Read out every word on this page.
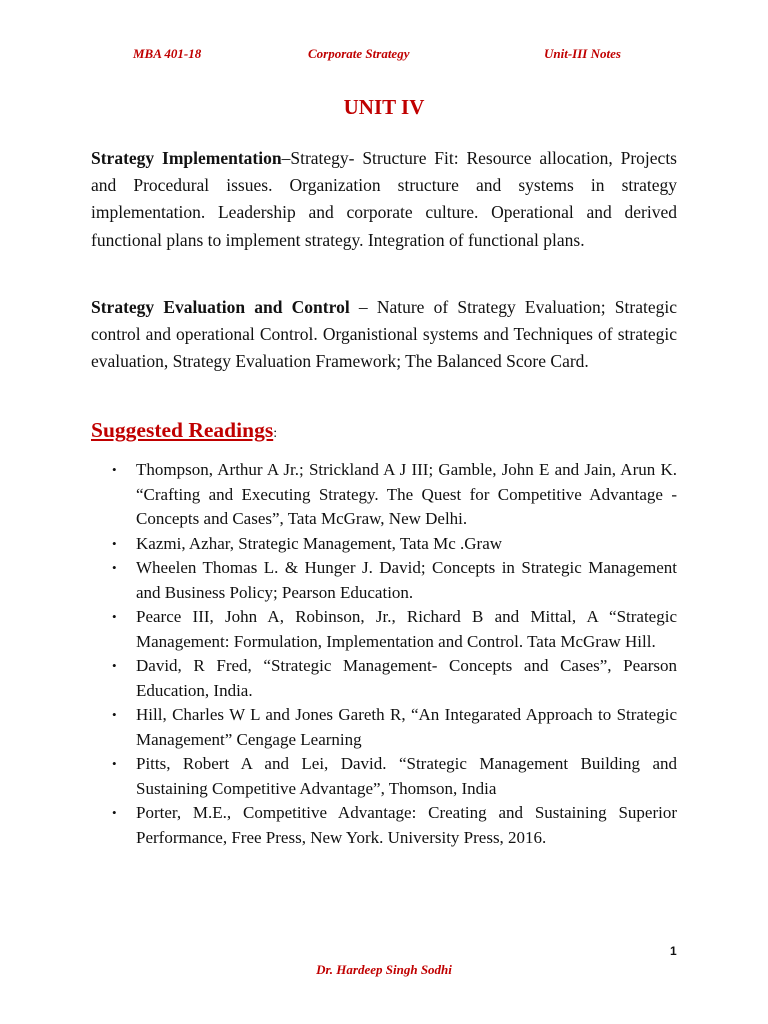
MBA 401-18	Corporate Strategy	Unit-III Notes
UNIT IV

Strategy Implementation–Strategy- Structure Fit: Resource allocation, Projects and Procedural issues. Organization structure and systems in strategy implementation. Leadership and corporate culture. Operational and derived functional plans to implement strategy. Integration of functional plans.

Strategy Evaluation and Control – Nature of Strategy Evaluation; Strategic control and operational Control. Organistional systems and Techniques of strategic evaluation, Strategy Evaluation Framework; The Balanced Score Card.

Suggested Readings:
• Thompson, Arthur A Jr.; Strickland A J III; Gamble, John E and Jain, Arun K. “Crafting and Executing Strategy. The Quest for Competitive Advantage - Concepts and Cases”, Tata McGraw, New Delhi.
• Kazmi, Azhar, Strategic Management, Tata Mc .Graw
• Wheelen Thomas L. & Hunger J. David; Concepts in Strategic Management and Business Policy; Pearson Education.
• Pearce III, John A, Robinson, Jr., Richard B and Mittal, A “Strategic Management: Formulation, Implementation and Control. Tata McGraw Hill.
• David, R Fred, “Strategic Management- Concepts and Cases”, Pearson Education, India.
• Hill, Charles W L and Jones Gareth R, “An Integarated Approach to Strategic Management” Cengage Learning
• Pitts, Robert A and Lei, David. “Strategic Management Building and Sustaining Competitive Advantage”, Thomson, India
• Porter, M.E., Competitive Advantage: Creating and Sustaining Superior Performance, Free Press, New York. University Press, 2016.
1
Dr. Hardeep Singh Sodhi
